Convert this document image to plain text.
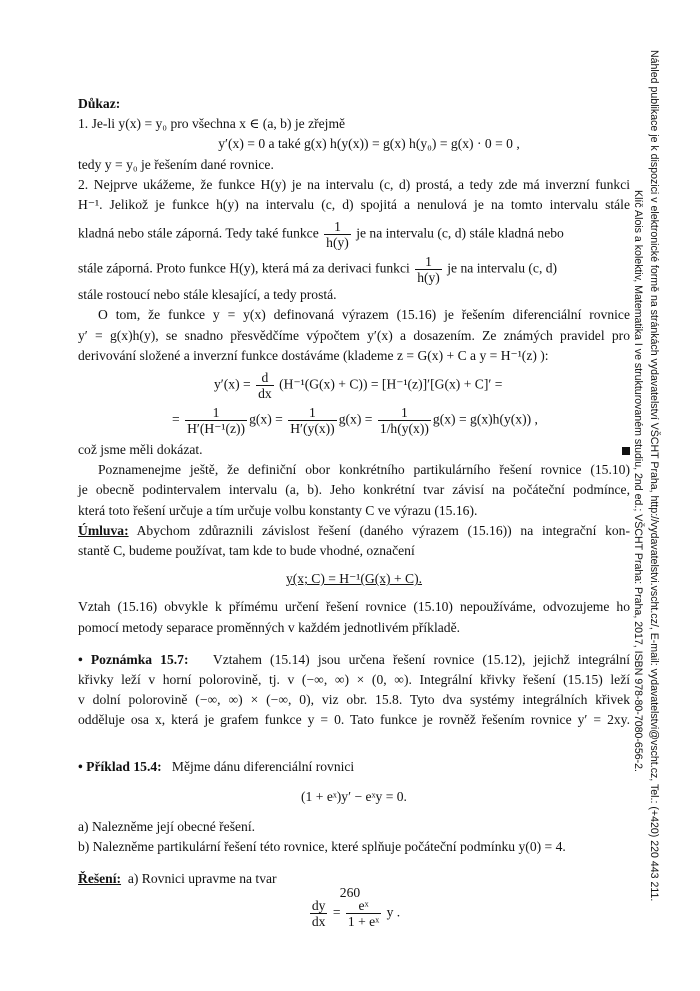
Důkaz:
1. Je-li y(x) = y₀ pro všechna x ∈ (a, b) je zřejmě
y′(x) = 0 a také g(x) h(y(x)) = g(x) h(y₀) = g(x) · 0 = 0 ,
tedy y = y₀ je řešením dané rovnice.
2. Nejprve ukážeme, že funkce H(y) je na intervalu (c, d) prostá, a tedy zde má inverzní funkci
H⁻¹. Jelikož je funkce h(y) na intervalu (c, d) spojitá a nenulová je na tomto intervalu stále
kladná nebo stále záporná. Tedy také funkce $\frac{1}{h(y)}$ je na intervalu (c, d) stále kladná nebo
stále záporná. Proto funkce H(y), která má za derivaci funkci $\frac{1}{h(y)}$ je na intervalu (c, d)
stále rostoucí nebo stále klesající, a tedy prostá.
O tom, že funkce y = y(x) definovaná výrazem (15.16) je řešením diferenciální rovnice
y′ = g(x)h(y), se snadno přesvědčíme výpočtem y′(x) a dosazením. Ze známých pravidel pro
derivování složené a inverzní funkce dostáváme (klademe z = G(x) + C a y = H⁻¹(z) ):
$y'(x) = \frac{d}{dx} (H^{-1}(G(x) + C)) = [H^{-1}(z)]'[G(x) + C]'$ =
= $\frac{1}{\text{H′(H⁻¹(z))}} g(x) = \frac{1}{H'(y(x))} g(x) = \frac{1}{1/h(y(x))} g(x) = g(x)h(y(x))$ ,
což jsme měli dokázat.
Poznamenejme ještě, že definiční obor konkrétního partikulárního řešení rovnice (15.10)
je obecně podintervalem intervalu (a, b). Jeho konkrétní tvar závisí na počáteční podmínce,
která toto řešení určuje a tím určuje volbu konstanty C ve výrazu (15.16).
Úmluva: Abychom zdůraznili závislost řešení (daného výrazem (15.16)) na integrační kon-
stantě C, budeme používat, tam kde to bude vhodné, označení
y(x; C) = H⁻¹(G(x) + C).
Vztah (15.16) obvykle k přímému určení řešení rovnice (15.10) nepoužíváme, odvozujeme ho
pomocí metody separace proměnných v každém jednotlivém příkladě.
• Poznámka 15.7: Vztahem (15.14) jsou určena řešení rovnice (15.12), jejichž integrální
křivky leží v horní polorovině, tj. v (−∞, ∞) × (0, ∞). Integrální křivky řešení (15.15) leží
v dolní polorovině (−∞, ∞) × (−∞, 0), viz obr. 15.8. Tyto dva systémy integrálních křivek
odděluje osa x, která je grafem funkce y = 0. Tato funkce je rovněž řešením rovnice y′ = 2xy.
• Příklad 15.4: Mějme dánu diferenciální rovnici
(1 + eˣ)y′ − eˣy = 0.
a) Nalezněme její obecné řešení.
b) Nalezněme partikulární řešení této rovnice, které splňuje počáteční podmínku y(0) = 4.
Řešení: a) Rovnici upravme na tvar
$\frac{dy}{dx} = \frac{\text{eˣ}}{\text{1 + eˣ}}$ y .
260	Náhled publikace je k dispozici v elektronické formě na stránkách vydavatelství VŠCHT Praha, http://vydavatelstvi.vscht.cz/, E-mail: vydavatelstvi@vscht.cz, Tel.: (+420) 220 443 211.
Klíč Alois a kolektiv, Matematika I ve strukturovaném studiu, 2nd ed.; VŠCHT Praha: Praha, 2017, ISBN 978-80-7080-656-2.
